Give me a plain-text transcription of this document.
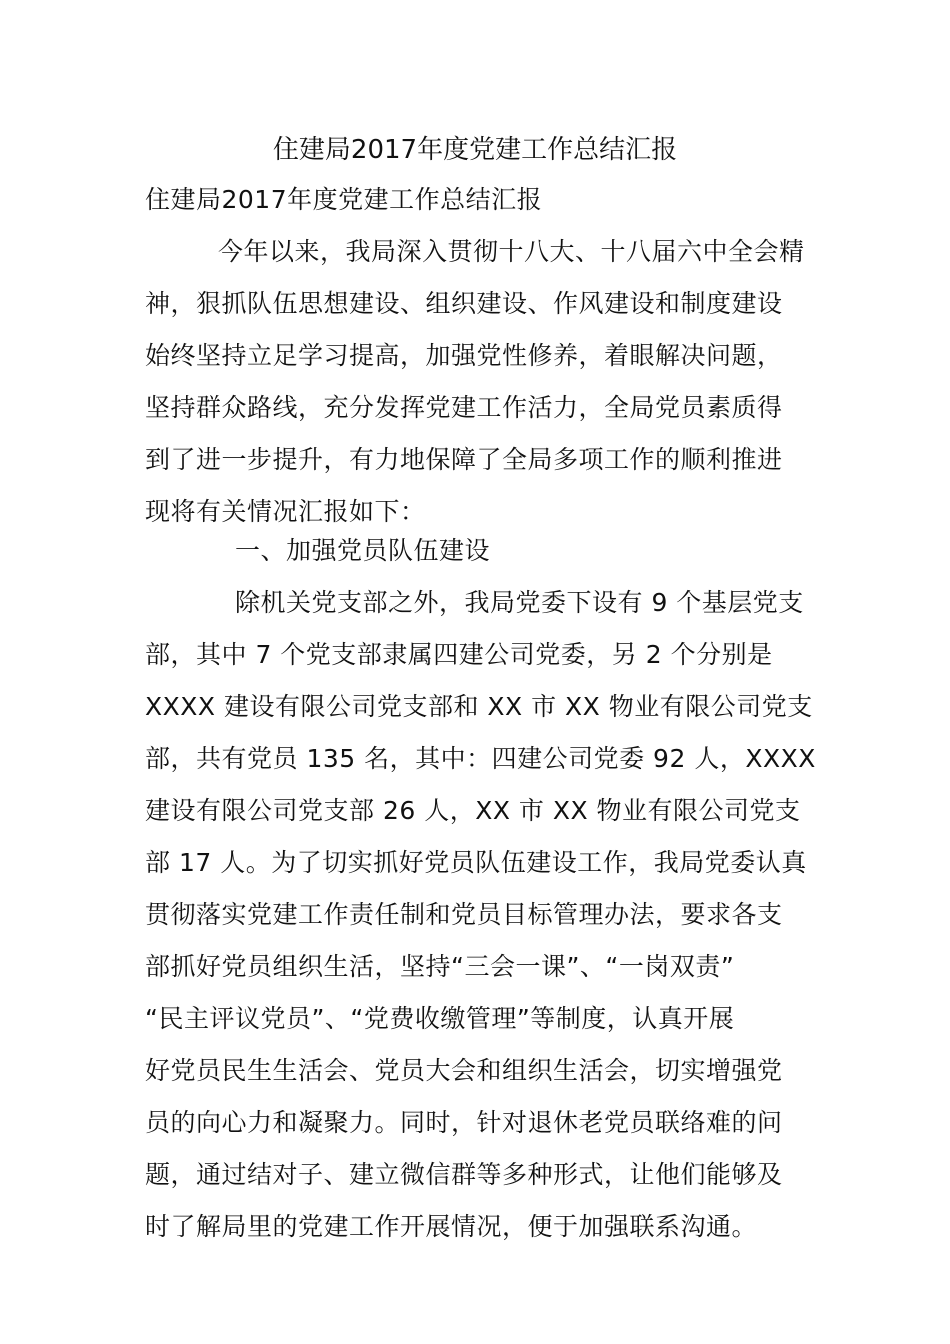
住建局2017年度党建工作总结汇报
住建局2017年度党建工作总结汇报
今年以来，我局深入贯彻十八大、十八届六中全会精
神，狠抓队伍思想建设、组织建设、作风建设和制度建设
始终坚持立足学习提高，加强党性修养，着眼解决问题，
坚持群众路线，充分发挥党建工作活力，全局党员素质得
到了进一步提升，有力地保障了全局多项工作的顺利推进
现将有关情况汇报如下：
一、加强党员队伍建设
除机关党支部之外，我局党委下设有 9 个基层党支
部，其中 7 个党支部隶属四建公司党委，另 2 个分别是
XXXX 建设有限公司党支部和 XX 市 XX 物业有限公司党支
部，共有党员 135 名，其中：四建公司党委 92 人，XXXX
建设有限公司党支部 26 人，XX 市 XX 物业有限公司党支
部 17 人。为了切实抓好党员队伍建设工作，我局党委认真
贯彻落实党建工作责任制和党员目标管理办法，要求各支
部抓好党员组织生活，坚持“三会一课”、“一岗双责”
“民主评议党员”、“党费收缴管理”等制度，认真开展
好党员民生生活会、党员大会和组织生活会，切实增强党
员的向心力和凝聚力。同时，针对退休老党员联络难的问
题，通过结对子、建立微信群等多种形式，让他们能够及
时了解局里的党建工作开展情况，便于加强联系沟通。
